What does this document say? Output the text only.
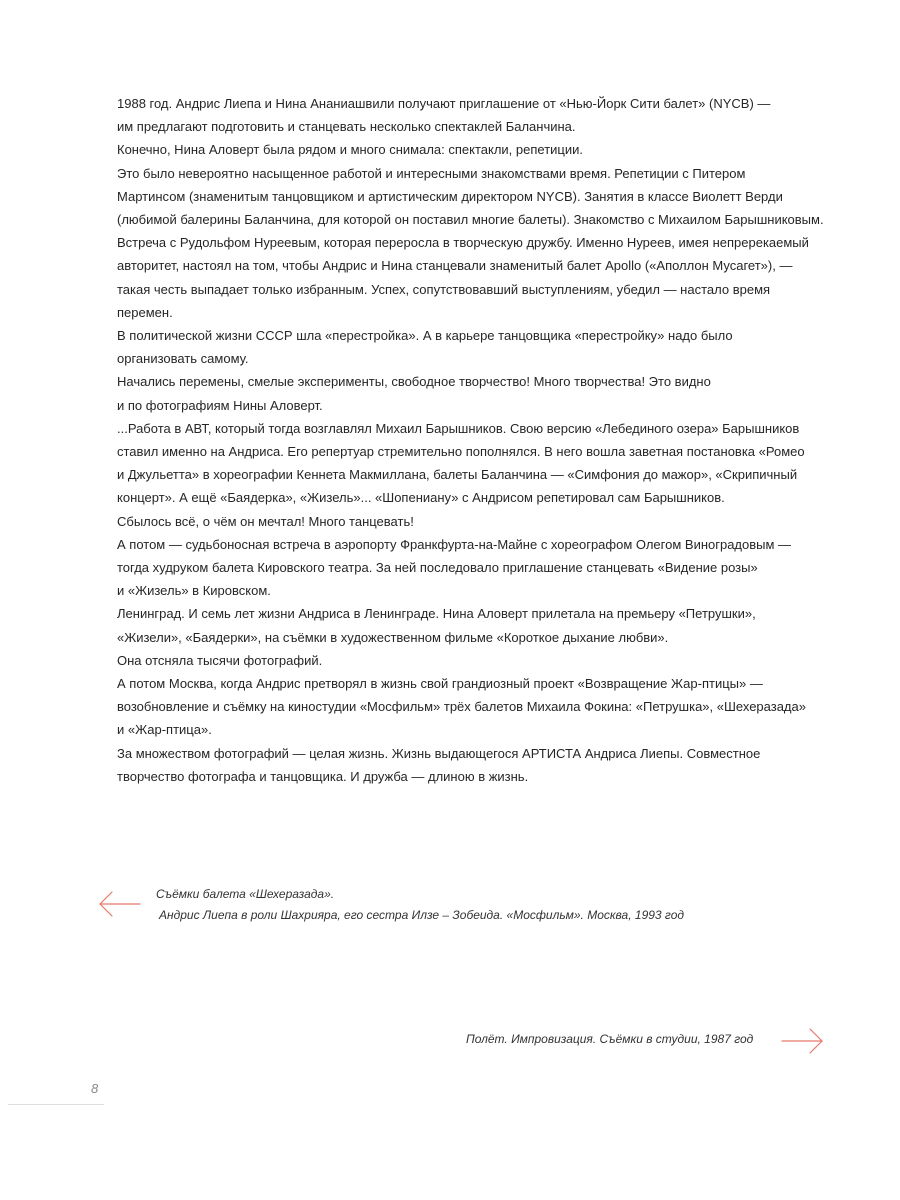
1988 год. Андрис Лиепа и Нина Ананиашвили получают приглашение от «Нью-Йорк Сити балет» (NYCB) —
им предлагают подготовить и станцевать несколько спектаклей Баланчина.

Конечно, Нина Аловерт была рядом и много снимала: спектакли, репетиции.

Это было невероятно насыщенное работой и интересными знакомствами время. Репетиции с Питером
Мартинсом (знаменитым танцовщиком и артистическим директором NYCB). Занятия в классе Виолетт Верди
(любимой балерины Баланчина, для которой он поставил многие балеты). Знакомство с Михаилом Барышниковым.
Встреча с Рудольфом Нуреевым, которая переросла в творческую дружбу. Именно Нуреев, имея непререкаемый
авторитет, настоял на том, чтобы Андрис и Нина станцевали знаменитый балет Apollo («Аполлон Мусагет»), —
такая честь выпадает только избранным. Успех, сопутствовавший выступлениям, убедил — настало время
перемен.

В политической жизни СССР шла «перестройка». А в карьере танцовщика «перестройку» надо было
организовать самому.

Начались перемены, смелые эксперименты, свободное творчество! Много творчества! Это видно
и по фотографиям Нины Аловерт.

...Работа в АВТ, который тогда возглавлял Михаил Барышников. Свою версию «Лебединого озера» Барышников
ставил именно на Андриса. Его репертуар стремительно пополнялся. В него вошла заветная постановка «Ромео
и Джульетта» в хореографии Кеннета Макмиллана, балеты Баланчина — «Симфония до мажор», «Скрипичный
концерт». А ещё «Баядерка», «Жизель»... «Шопениану» с Андрисом репетировал сам Барышников.

Сбылось всё, о чём он мечтал! Много танцевать!

А потом — судьбоносная встреча в аэропорту Франкфурта-на-Майне с хореографом Олегом Виноградовым —
тогда худруком балета Кировского театра. За ней последовало приглашение станцевать «Видение розы»
и «Жизель» в Кировском.

Ленинград. И семь лет жизни Андриса в Ленинграде. Нина Аловерт прилетала на премьеру «Петрушки»,
«Жизели», «Баядерки», на съёмки в художественном фильме «Короткое дыхание любви».

Она отсняла тысячи фотографий.

А потом Москва, когда Андрис претворял в жизнь свой грандиозный проект «Возвращение Жар-птицы» —
возобновление и съёмку на киностудии «Мосфильм» трёх балетов Михаила Фокина: «Петрушка», «Шехеразада»
и «Жар-птица».

За множеством фотографий — целая жизнь. Жизнь выдающегося АРТИСТА Андриса Лиепы. Совместное
творчество фотографа и танцовщика. И дружба — длиною в жизнь.

Съёмки балета «Шехеразада».
Андрис Лиепа в роли Шахрияра, его сестра Илзе – Зобеида. «Мосфильм». Москва, 1993 год
Полёт. Импровизация. Съёмки в студии, 1987 год
8
